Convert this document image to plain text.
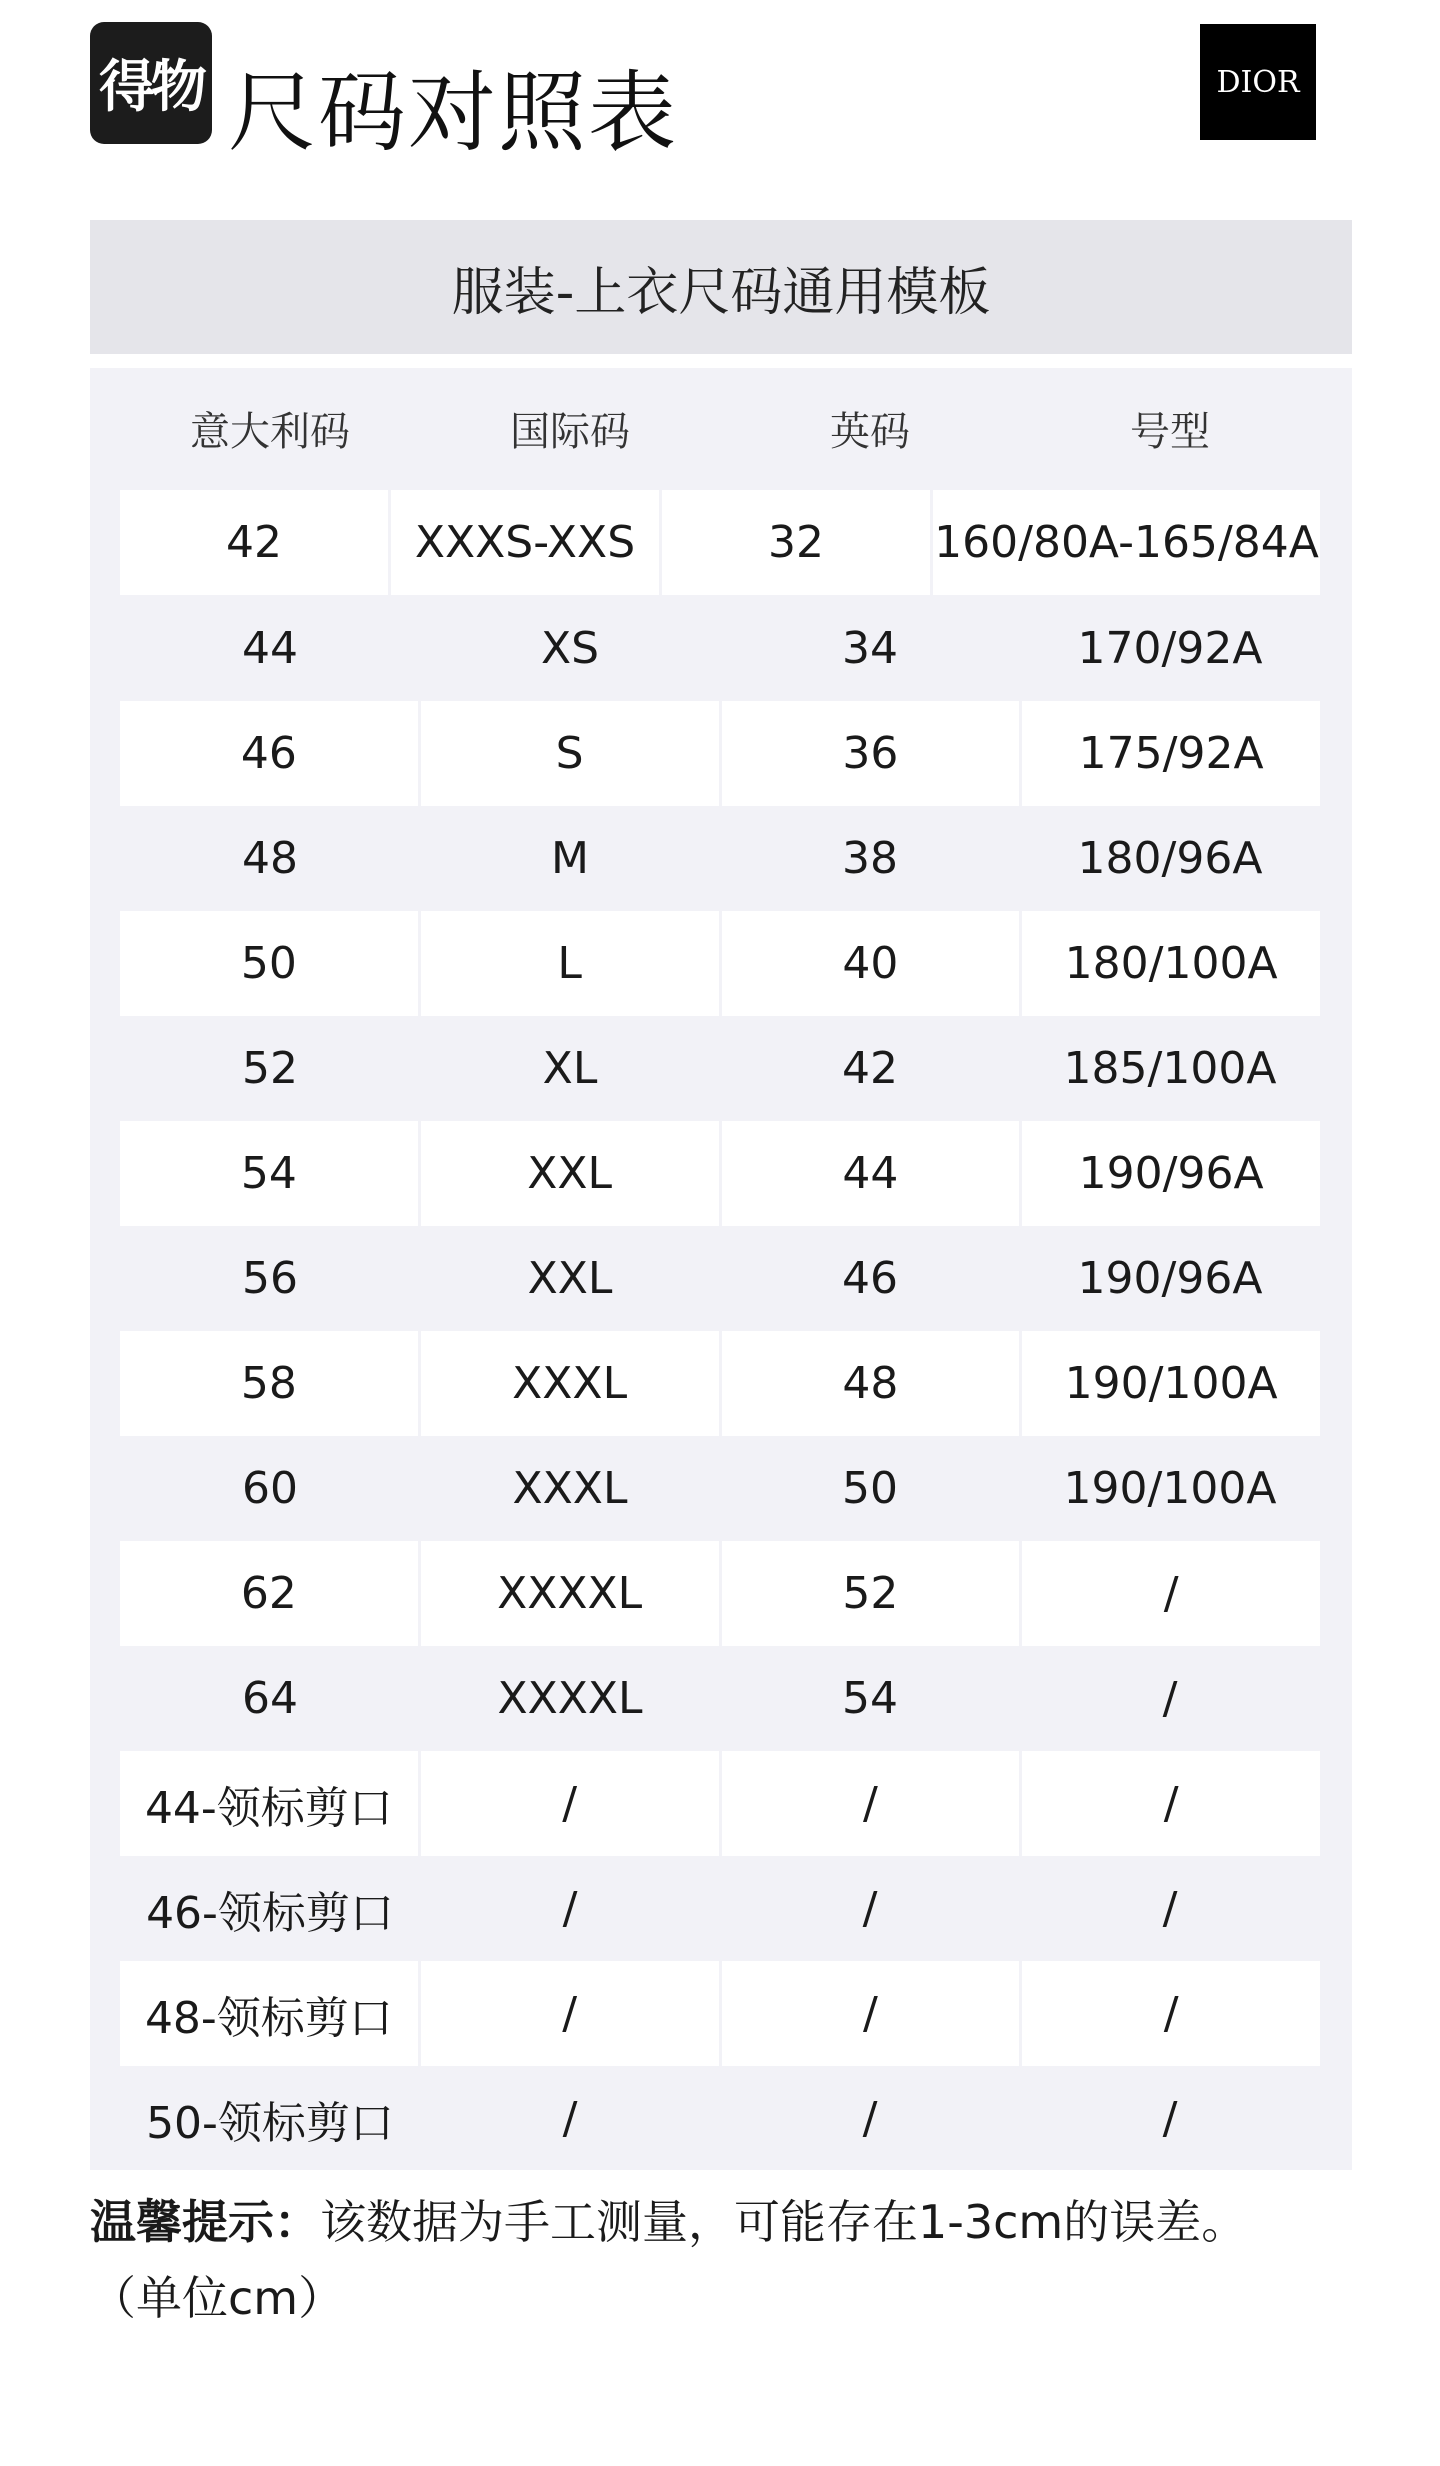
得物 尺码对照表	DIOR
服装-上衣尺码通用模板
意大利码	国际码	英码	号型
42	XXXS-XXS	32	160/80A-165/84A
44	XS	34	170/92A
46	S	36	175/92A
48	M	38	180/96A
50	L	40	180/100A
52	XL	42	185/100A
54	XXL	44	190/96A
56	XXL	46	190/96A
58	XXXL	48	190/100A
60	XXXL	50	190/100A
62	XXXXL	52	/
64	XXXXL	54	/
44-领标剪口	/	/	/
46-领标剪口	/	/	/
48-领标剪口	/	/	/
50-领标剪口	/	/	/
温馨提示：该数据为手工测量，可能存在1-3cm的误差。
（单位cm）
